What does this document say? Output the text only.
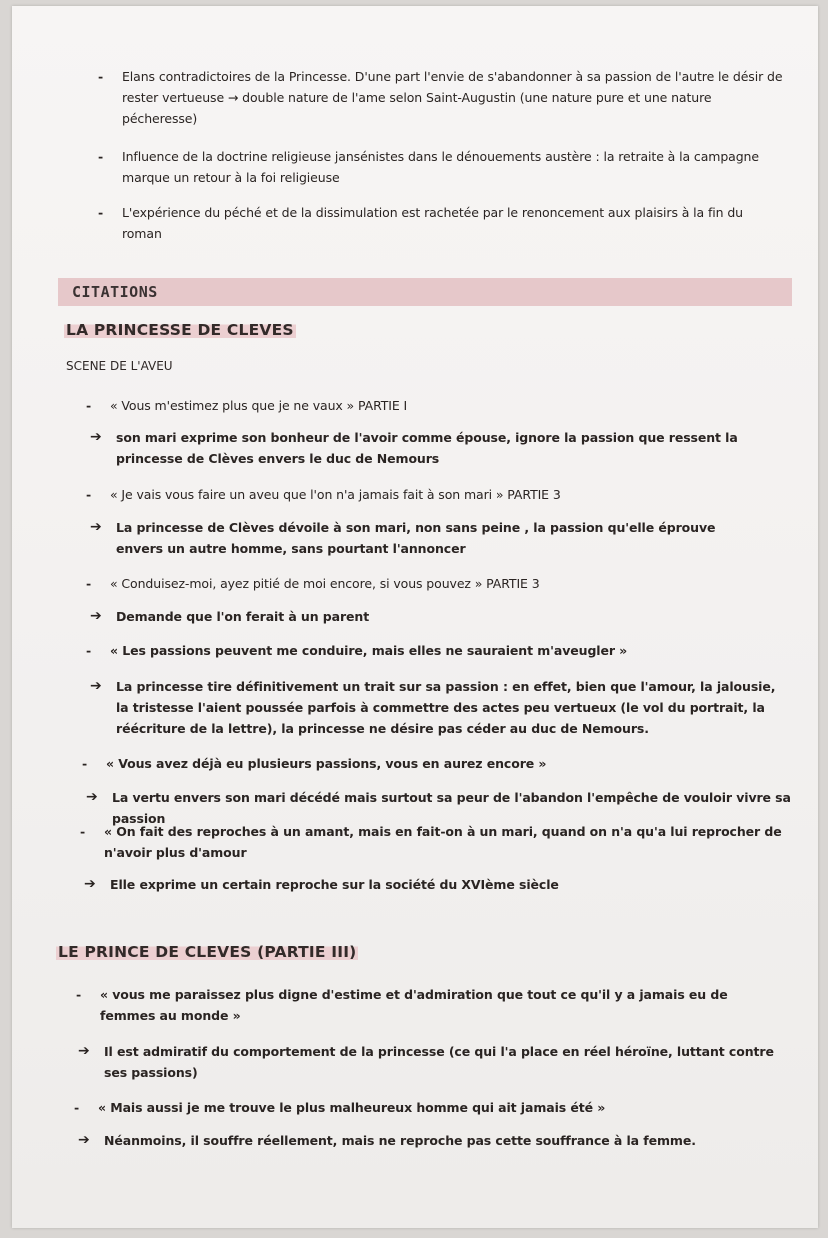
- Elans contradictoires de la Princesse. D'une part l'envie de s'abandonner à sa passion de l'autre le désir de rester vertueuse → double nature de l'ame selon Saint-Augustin (une nature pure et une nature pécheresse)
- Influence de la doctrine religieuse jansénistes dans le dénouements austère : la retraite à la campagne marque un retour à la foi religieuse
- L'expérience du péché et de la dissimulation est rachetée par le renoncement aux plaisirs à la fin du roman
CITATIONS
LA PRINCESSE DE CLEVES
SCENE DE L'AVEU
- « Vous m'estimez plus que je ne vaux » PARTIE I
➔ son mari exprime son bonheur de l'avoir comme épouse, ignore la passion que ressent la princesse de Clèves envers le duc de Nemours
- « Je vais vous faire un aveu que l'on n'a jamais fait à son mari » PARTIE 3
➔ La princesse de Clèves dévoile à son mari, non sans peine , la passion qu'elle éprouve envers un autre homme, sans pourtant l'annoncer
- « Conduisez-moi, ayez pitié de moi encore, si vous pouvez » PARTIE 3
➔ Demande que l'on ferait à un parent
- « Les passions peuvent me conduire, mais elles ne sauraient m'aveugler »
➔ La princesse tire définitivement un trait sur sa passion : en effet, bien que l'amour, la jalousie, la tristesse l'aient poussée parfois à commettre des actes peu vertueux (le vol du portrait, la réécriture de la lettre), la princesse ne désire pas céder au duc de Nemours.
- « Vous avez déjà eu plusieurs passions, vous en aurez encore »
➔ La vertu envers son mari décédé mais surtout sa peur de l'abandon l'empêche de vouloir vivre sa passion
- « On fait des reproches à un amant, mais en fait-on à un mari, quand on n'a qu'a lui reprocher de n'avoir plus d'amour
➔ Elle exprime un certain reproche sur la société du XVIème siècle
LE PRINCE DE CLEVES (PARTIE III)
- « vous me paraissez plus digne d'estime et d'admiration que tout ce qu'il y a jamais eu de femmes au monde »
➔ Il est admiratif du comportement de la princesse (ce qui l'a place en réel héroïne, luttant contre ses passions)
- « Mais aussi je me trouve le plus malheureux homme qui ait jamais été »
➔ Néanmoins, il souffre réellement, mais ne reproche pas cette souffrance à la femme.
